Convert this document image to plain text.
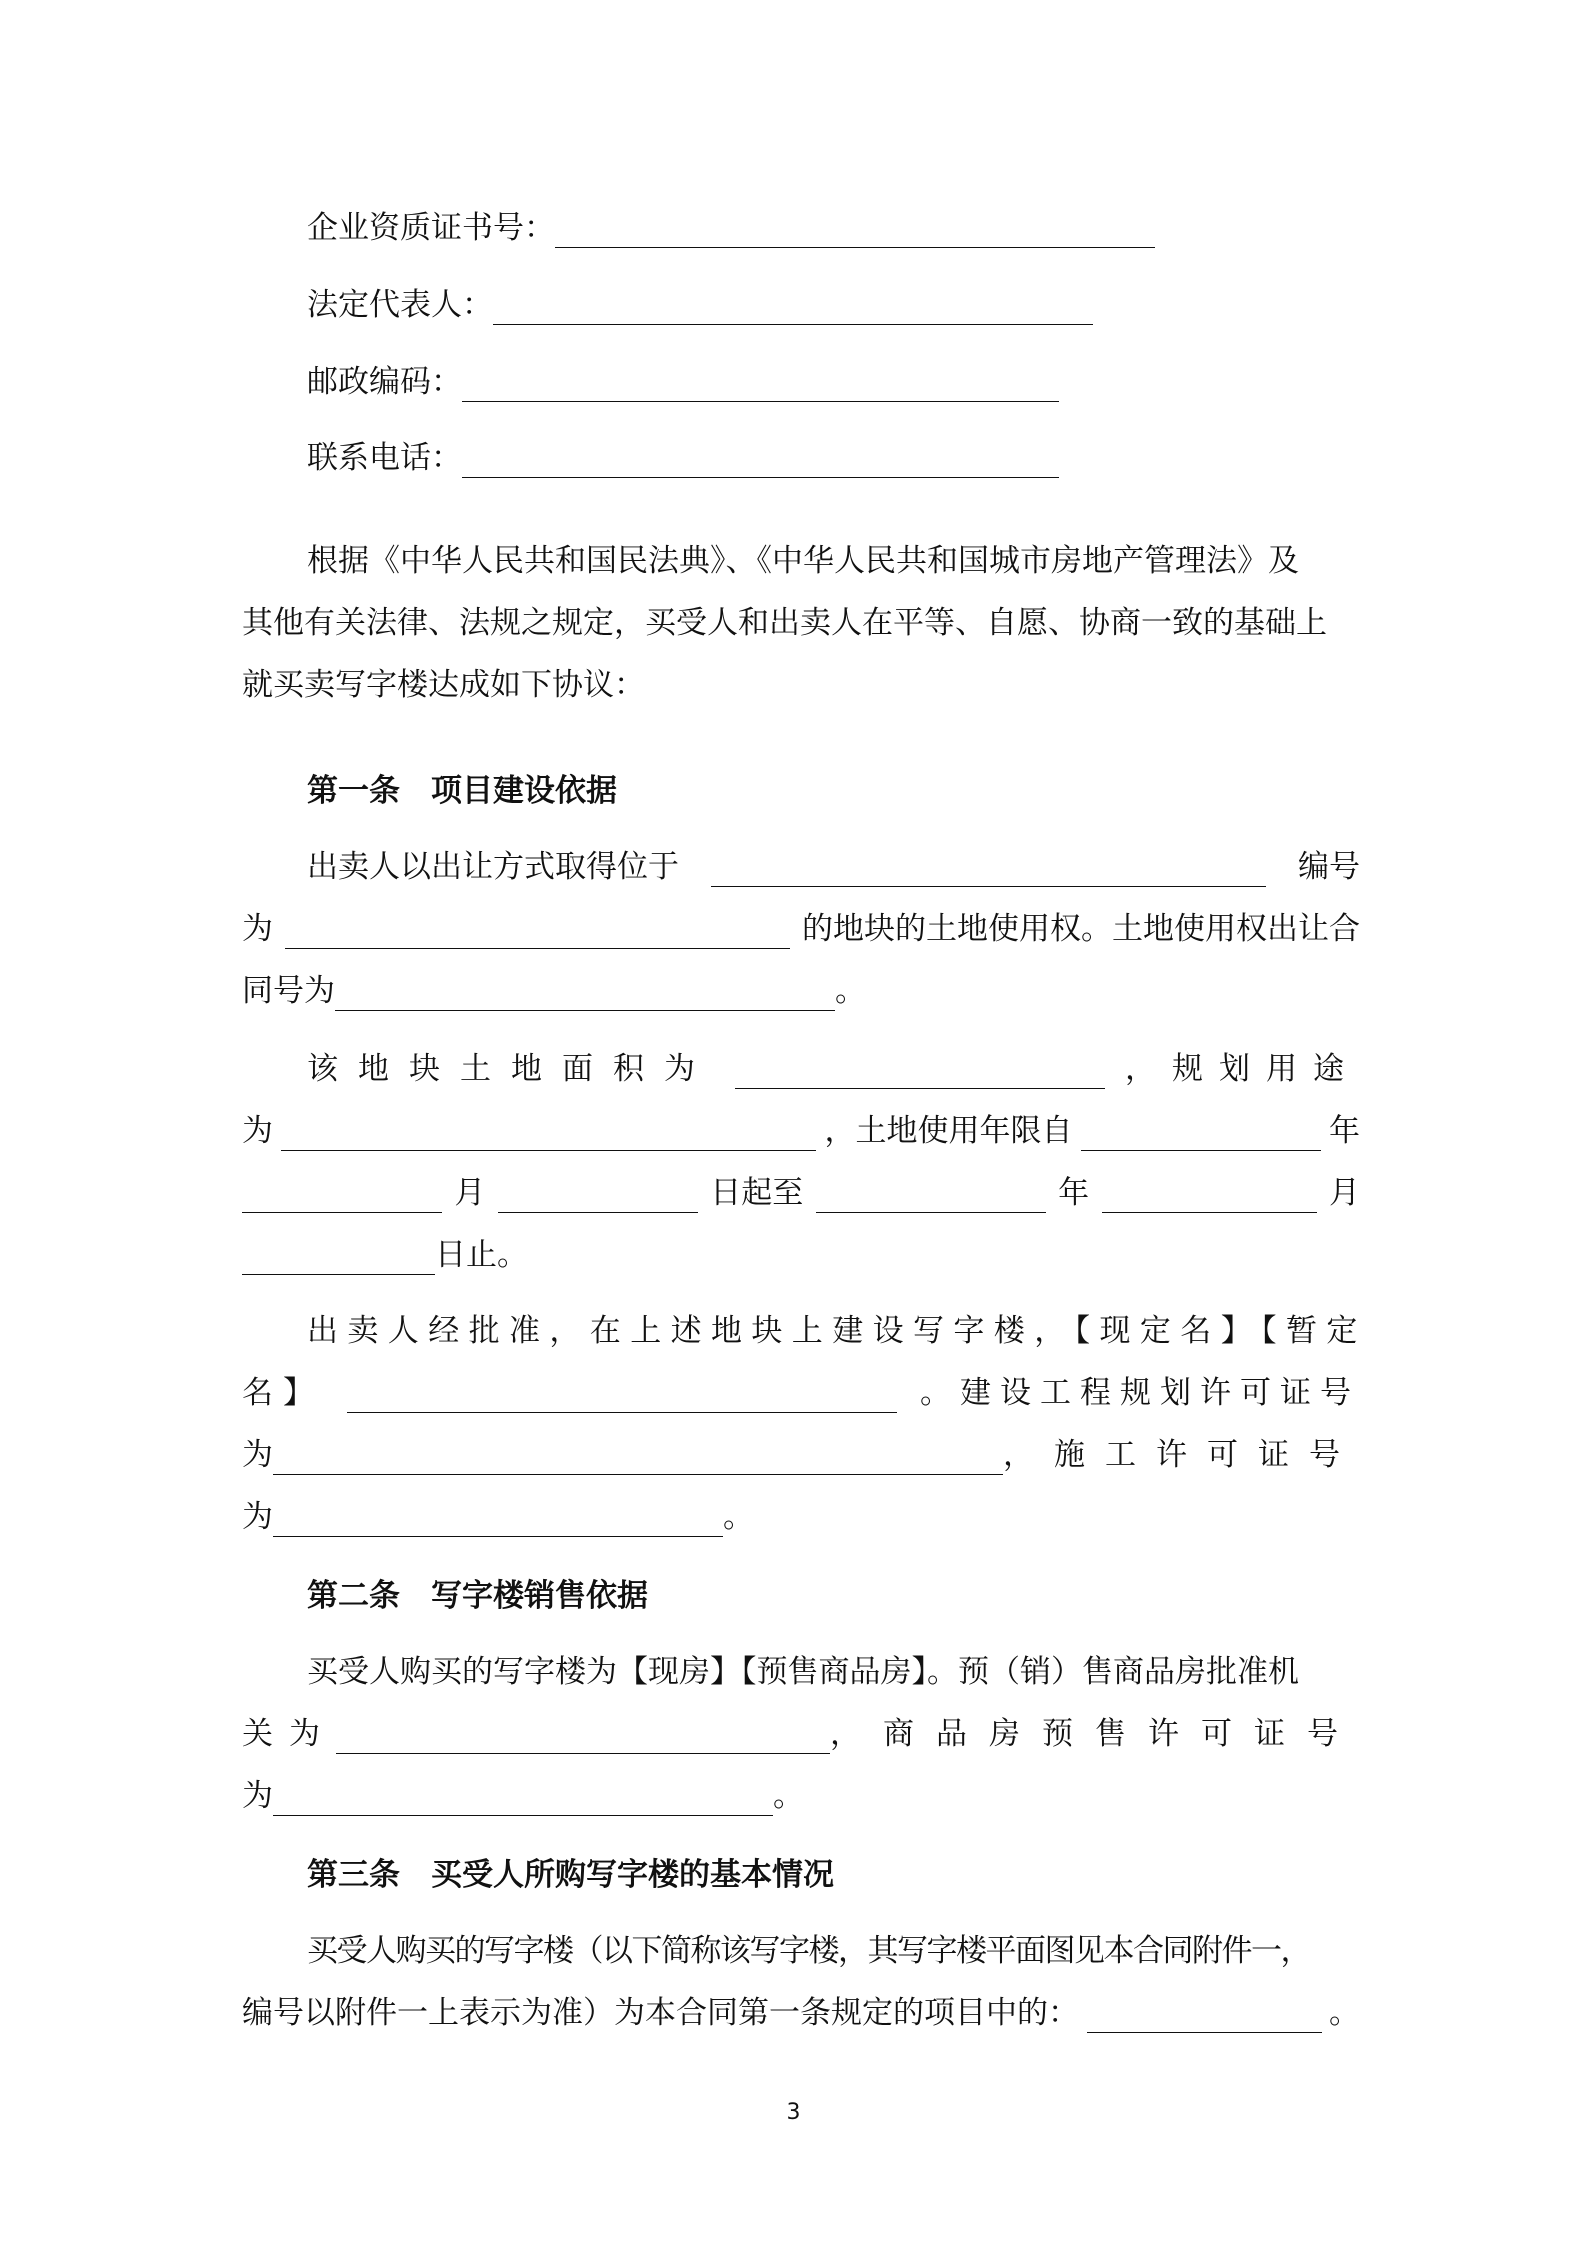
企业资质证书号：
法定代表人：
邮政编码：
联系电话：
根据《中华人民共和国民法典》、《中华人民共和国城市房地产管理法》及
其他有关法律、法规之规定，买受人和出卖人在平等、自愿、协商一致的基础上
就买卖写字楼达成如下协议：
第一条　项目建设依据
出卖人以出让方式取得位于	编号
为	的地块的土地使用权。土地使用权出让合
同号为	。
该地块土地面积为	，规划用途
为	，土地使用年限自	年
月	日起至	年	月
日止。
出卖人经批准，在上述地块上建设写字楼，【现定名】【暂定
名】	。建设工程规划许可证号
为	，施工许可证号
为	。
第二条　写字楼销售依据
买受人购买的写字楼为【现房】【预售商品房】。预（销）售商品房批准机
关为	，商品房预售许可证号
为	。
第三条　买受人所购写字楼的基本情况
买受人购买的写字楼（以下简称该写字楼，其写字楼平面图见本合同附件一，
编号以附件一上表示为准）为本合同第一条规定的项目中的：	。
3
